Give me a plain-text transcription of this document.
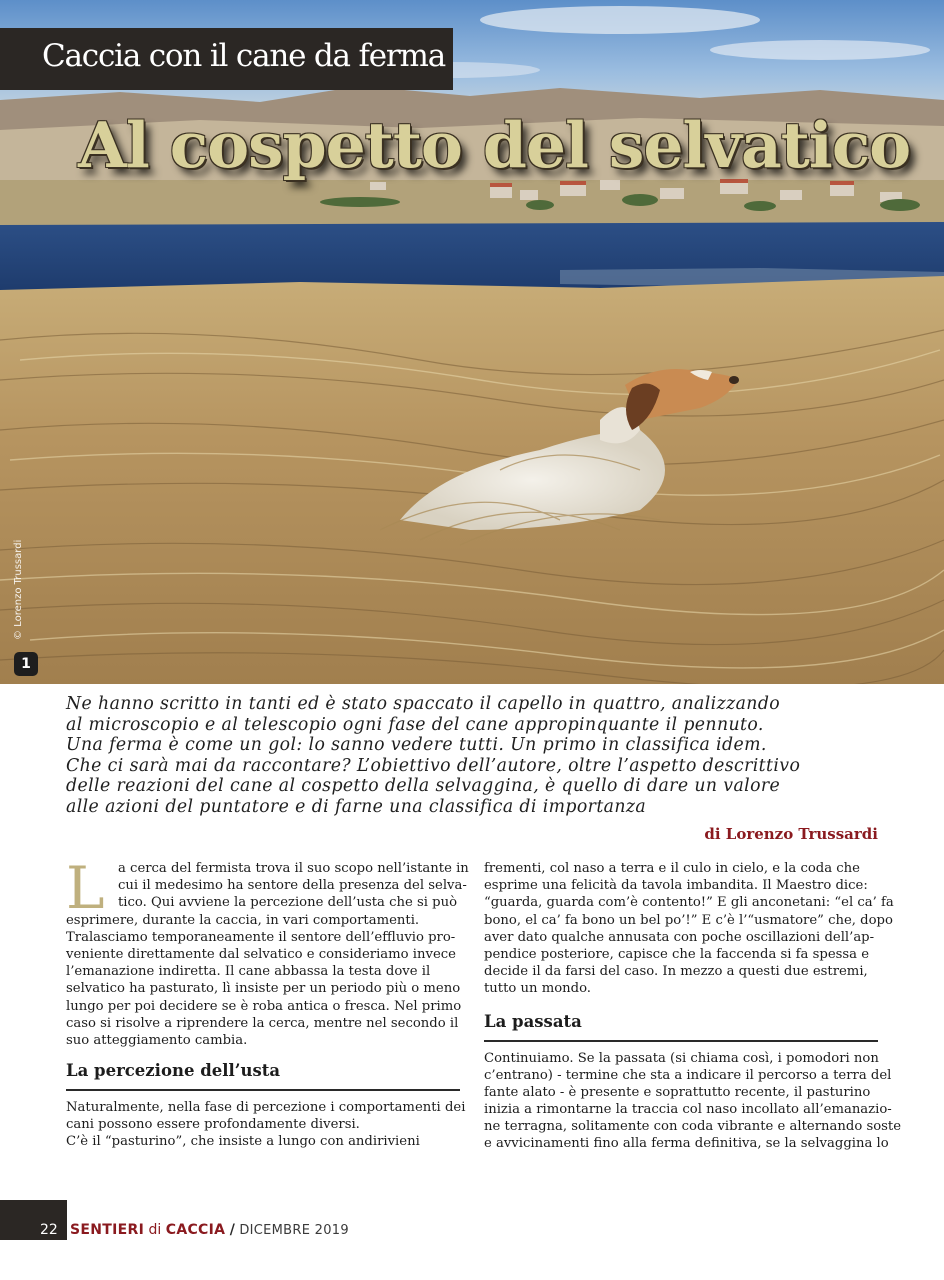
Caccia con il cane da ferma
Al cospetto del selvatico
© Lorenzo Trussardi
1
Ne hanno scritto in tanti ed è stato spaccato il capello in quattro, analizzando
al microscopio e al telescopio ogni fase del cane appropinquante il pennuto.
Una ferma è come un gol: lo sanno vedere tutti. Un primo in classifica idem.
Che ci sarà mai da raccontare? L’obiettivo dell’autore, oltre l’aspetto descrittivo
delle reazioni del cane al cospetto della selvaggina, è quello di dare un valore
alle azioni del puntatore e di farne una classifica di importanza
di Lorenzo Trussardi
L	a cerca del fermista trova il suo scopo nell’istante in
cui il medesimo ha sentore della presenza del selva-
tico. Qui avviene la percezione dell’usta che si può
esprimere, durante la caccia, in vari comportamenti.
Tralasciamo temporaneamente il sentore dell’effluvio pro-
veniente direttamente dal selvatico e consideriamo invece
l’emanazione indiretta. Il cane abbassa la testa dove il
selvatico ha pasturato, lì insiste per un periodo più o meno
lungo per poi decidere se è roba antica o fresca. Nel primo
caso si risolve a riprendere la cerca, mentre nel secondo il
suo atteggiamento cambia.
La percezione dell’usta
Naturalmente, nella fase di percezione i comportamenti dei
cani possono essere profondamente diversi.
C’è il “pasturino”, che insiste a lungo con andirivieni
frementi, col naso a terra e il culo in cielo, e la coda che
esprime una felicità da tavola imbandita. Il Maestro dice:
“guarda, guarda com’è contento!” E gli anconetani: “el ca’ fa
bono, el ca’ fa bono un bel po’!” E c’è l’“usmatore” che, dopo
aver dato qualche annusata con poche oscillazioni dell’ap-
pendice posteriore, capisce che la faccenda si fa spessa e
decide il da farsi del caso. In mezzo a questi due estremi,
tutto un mondo.
La passata
Continuiamo. Se la passata (si chiama così, i pomodori non
c’entrano) - termine che sta a indicare il percorso a terra del
fante alato - è presente e soprattutto recente, il pasturino
inizia a rimontarne la traccia col naso incollato all’emanazio-
ne terragna, solitamente con coda vibrante e alternando soste
e avvicinamenti fino alla ferma definitiva, se la selvaggina lo
22 SENTIERI di CACCIA / DICEMBRE 2019
